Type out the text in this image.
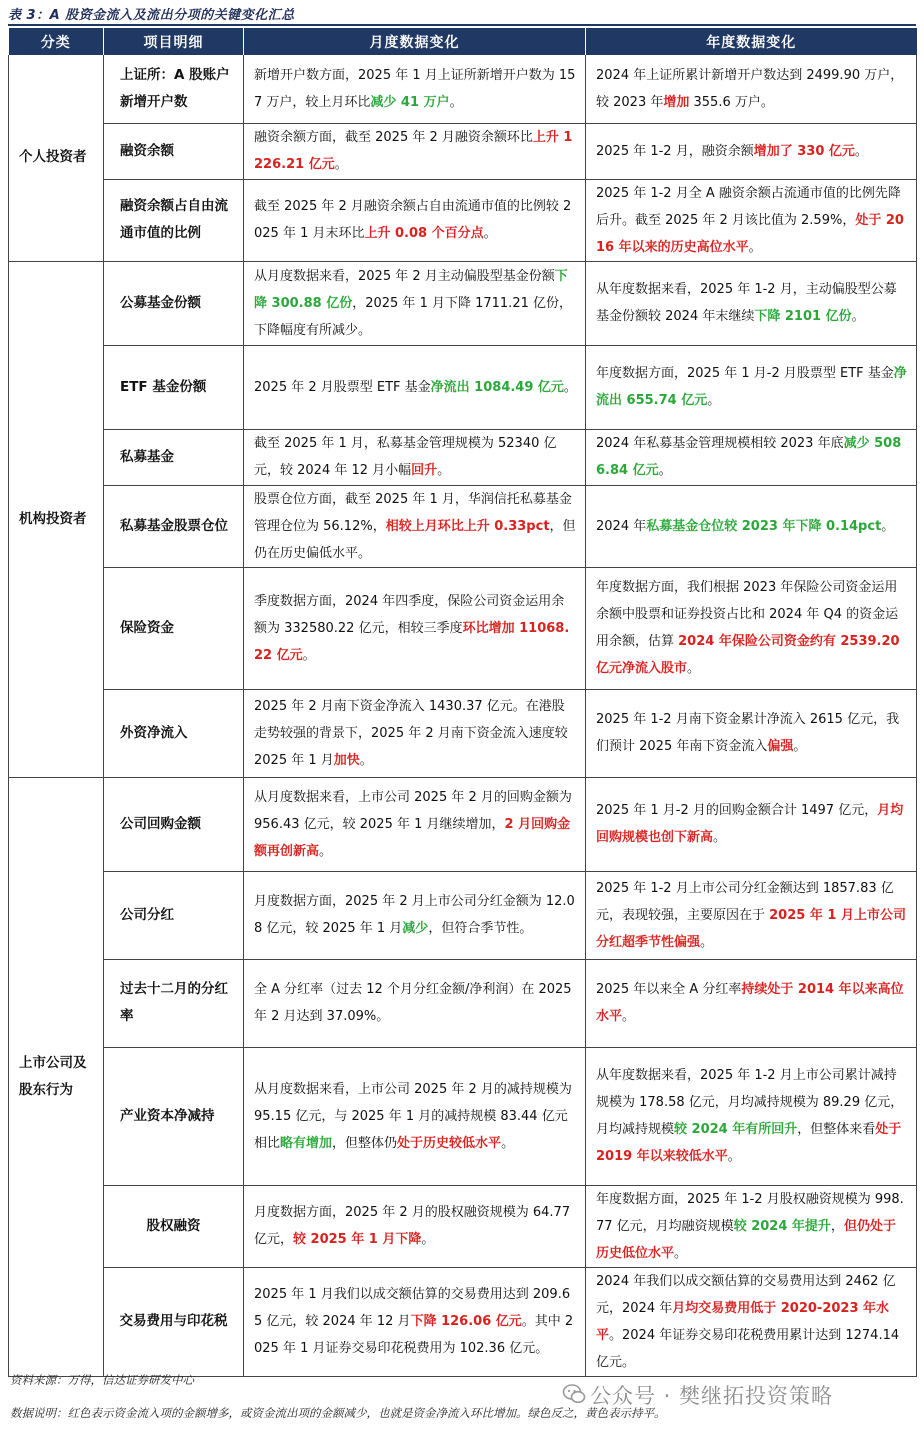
表 3：A 股资金流入及流出分项的关键变化汇总
分类	项目明细	月度数据变化	年度数据变化
个人投资者	上证所：A 股账户新增开户数	新增开户数方面，2025 年 1 月上证所新增开户数为 157 万户，较上月环比减少 41 万户。	2024 年上证所累计新增开户数达到 2499.90 万户，较 2023 年增加 355.6 万户。
	融资余额	融资余额方面，截至 2025 年 2 月融资余额环比上升 1226.21 亿元。	2025 年 1-2 月，融资余额增加了 330 亿元。
	融资余额占自由流通市值的比例	截至 2025 年 2 月融资余额占自由流通市值的比例较 2025 年 1 月末环比上升 0.08 个百分点。	2025 年 1-2 月全 A 融资余额占流通市值的比例先降后升。截至 2025 年 2 月该比值为 2.59%，处于 2016 年以来的历史高位水平。
机构投资者	公募基金份额	从月度数据来看，2025 年 2 月主动偏股型基金份额下降 300.88 亿份，2025 年 1 月下降 1711.21 亿份，下降幅度有所减少。	从年度数据来看，2025 年 1-2 月，主动偏股型公募基金份额较 2024 年末继续下降 2101 亿份。
	ETF 基金份额	2025 年 2 月股票型 ETF 基金净流出 1084.49 亿元。	年度数据方面，2025 年 1 月-2 月股票型 ETF 基金净流出 655.74 亿元。
	私募基金	截至 2025 年 1 月，私募基金管理规模为 52340 亿元，较 2024 年 12 月小幅回升。	2024 年私募基金管理规模相较 2023 年底减少 5086.84 亿元。
	私募基金股票仓位	股票仓位方面，截至 2025 年 1 月，华润信托私募基金管理仓位为 56.12%，相较上月环比上升 0.33pct，但仍在历史偏低水平。	2024 年私募基金仓位较 2023 年下降 0.14pct。
	保险资金	季度数据方面，2024 年四季度，保险公司资金运用余额为 332580.22 亿元，相较三季度环比增加 11068.22 亿元。	年度数据方面，我们根据 2023 年保险公司资金运用余额中股票和证券投资占比和 2024 年 Q4 的资金运用余额，估算 2024 年保险公司资金约有 2539.20 亿元净流入股市。
	外资净流入	2025 年 2 月南下资金净流入 1430.37 亿元。在港股走势较强的背景下，2025 年 2 月南下资金流入速度较 2025 年 1 月加快。	2025 年 1-2 月南下资金累计净流入 2615 亿元，我们预计 2025 年南下资金流入偏强。
上市公司及股东行为	公司回购金额	从月度数据来看，上市公司 2025 年 2 月的回购金额为 956.43 亿元，较 2025 年 1 月继续增加，2 月回购金额再创新高。	2025 年 1 月-2 月的回购金额合计 1497 亿元，月均回购规模也创下新高。
	公司分红	月度数据方面，2025 年 2 月上市公司分红金额为 12.08 亿元，较 2025 年 1 月减少，但符合季节性。	2025 年 1-2 月上市公司分红金额达到 1857.83 亿元，表现较强，主要原因在于 2025 年 1 月上市公司分红超季节性偏强。
	过去十二月的分红率	全 A 分红率（过去 12 个月分红金额/净利润）在 2025 年 2 月达到 37.09%。	2025 年以来全 A 分红率持续处于 2014 年以来高位水平。
	产业资本净减持	从月度数据来看，上市公司 2025 年 2 月的减持规模为 95.15 亿元，与 2025 年 1 月的减持规模 83.44 亿元相比略有增加，但整体仍处于历史较低水平。	从年度数据来看，2025 年 1-2 月上市公司累计减持规模为 178.58 亿元，月均减持规模为 89.29 亿元，月均减持规模较 2024 年有所回升，但整体来看处于 2019 年以来较低水平。
	股权融资	月度数据方面，2025 年 2 月的股权融资规模为 64.77 亿元，较 2025 年 1 月下降。	年度数据方面，2025 年 1-2 月股权融资规模为 998.77 亿元，月均融资规模较 2024 年提升，但仍处于历史低位水平。
	交易费用与印花税	2025 年 1 月我们以成交额估算的交易费用达到 209.65 亿元，较 2024 年 12 月下降 126.06 亿元。其中 2025 年 1 月证券交易印花税费用为 102.36 亿元。	2024 年我们以成交额估算的交易费用达到 2462 亿元，2024 年月均交易费用低于 2020-2023 年水平。2024 年证券交易印花税费用累计达到 1274.14 亿元。
资料来源：万得，信达证券研发中心
公众号 · 樊继拓投资策略
数据说明：红色表示资金流入项的金额增多，或资金流出项的金额减少，也就是资金净流入环比增加。绿色反之，黄色表示持平。
